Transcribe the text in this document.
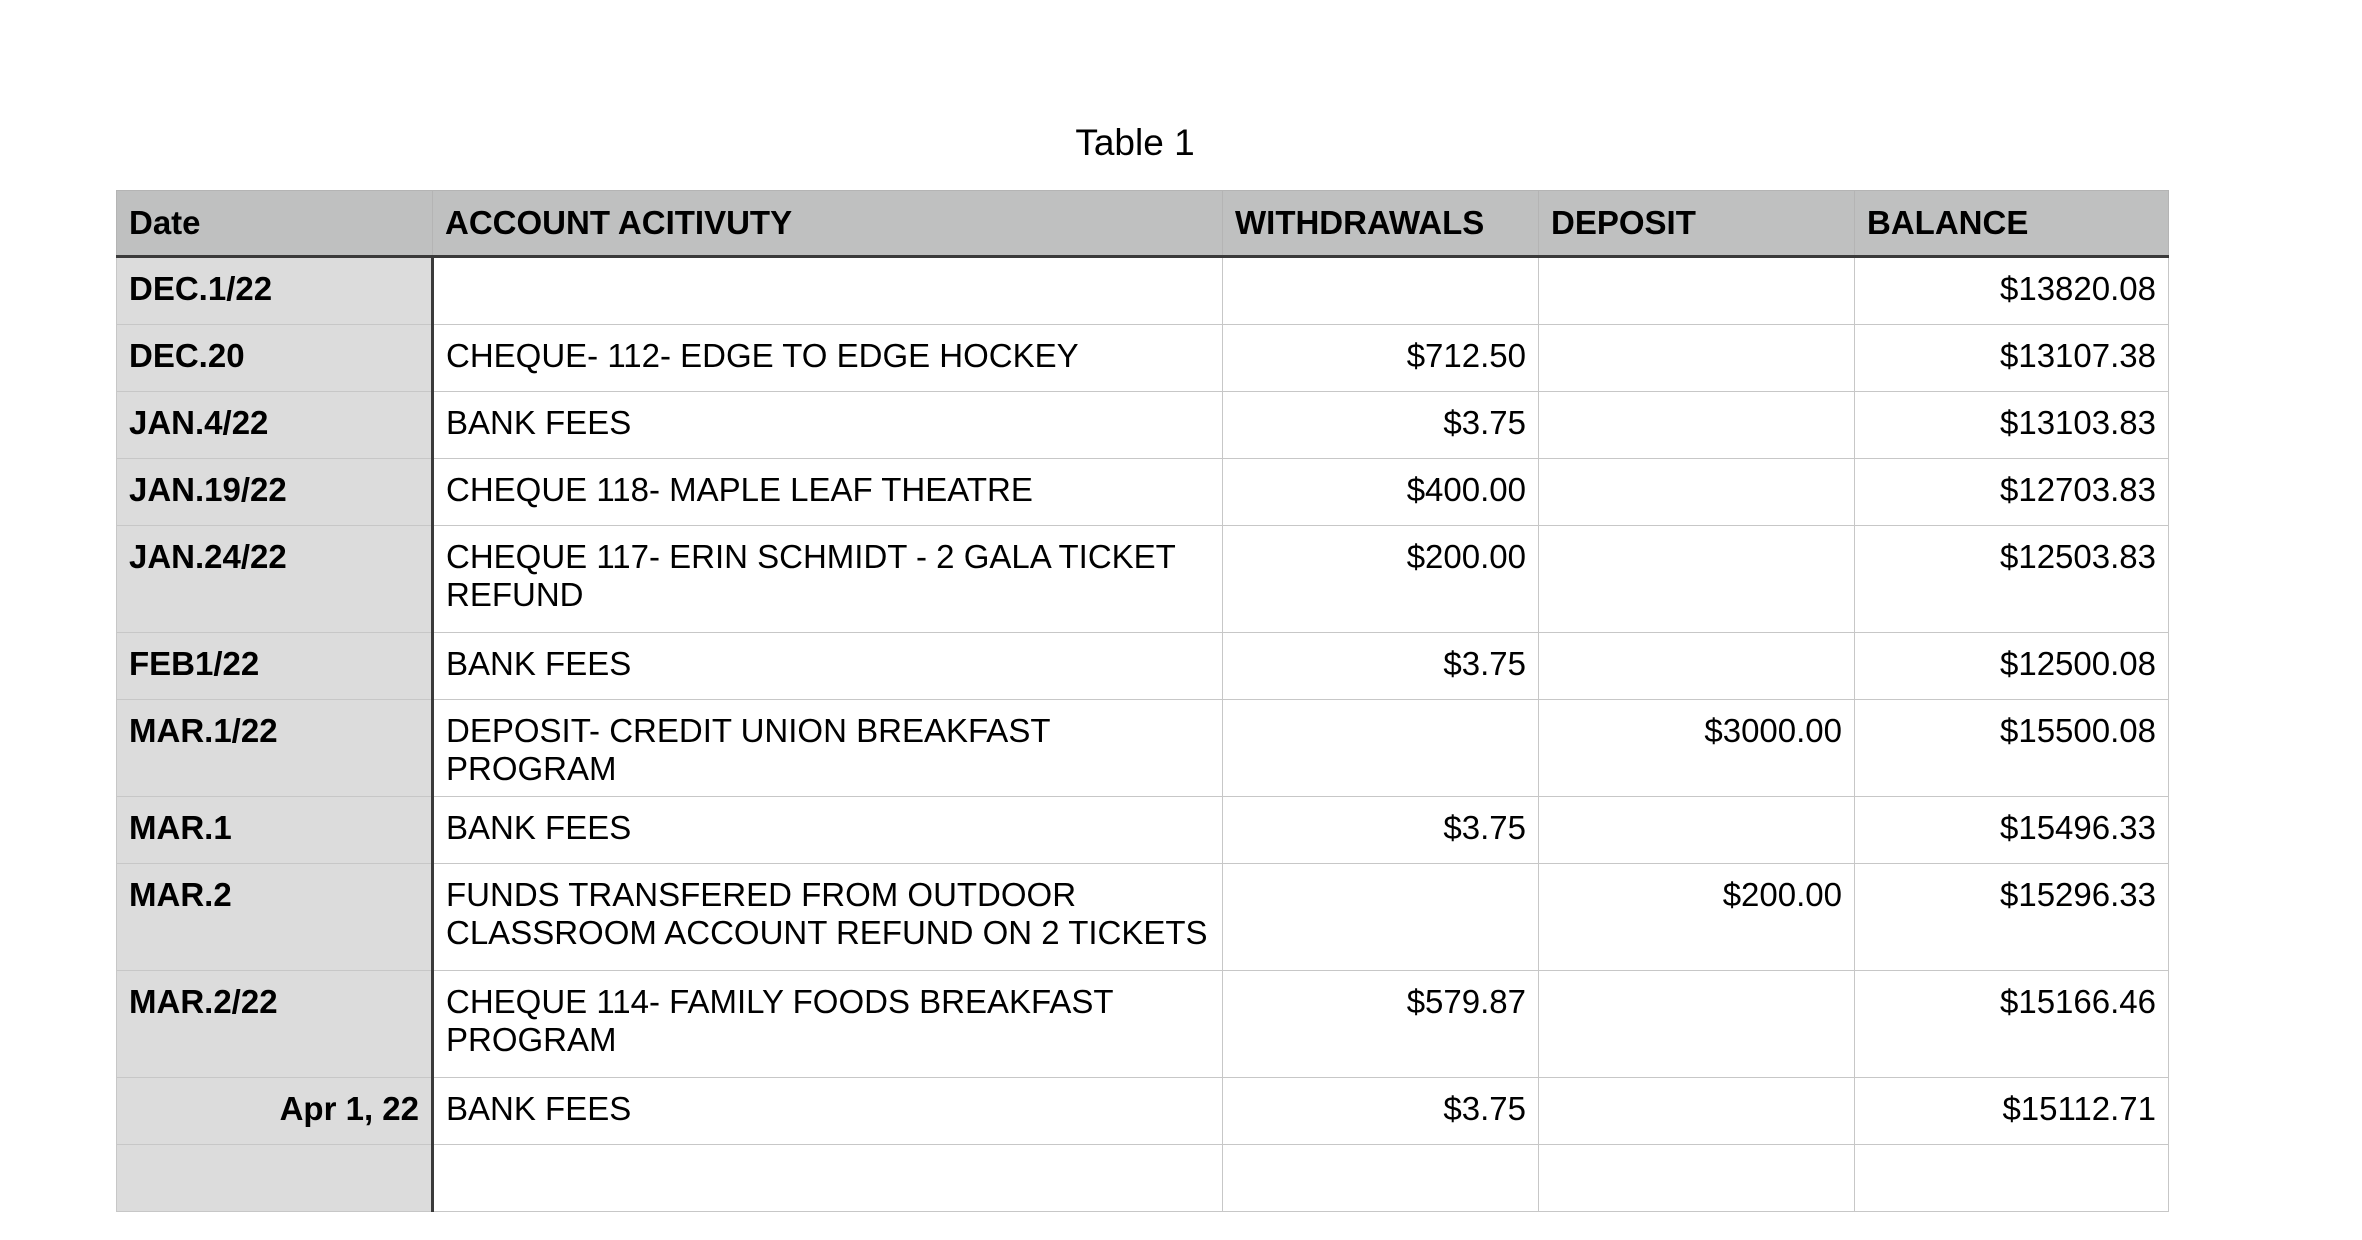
Table 1
Date	ACCOUNT ACITIVUTY	WITHDRAWALS	DEPOSIT	BALANCE
DEC.1/22				$13820.08
DEC.20	CHEQUE- 112- EDGE TO EDGE HOCKEY	$712.50		$13107.38
JAN.4/22	BANK FEES	$3.75		$13103.83
JAN.19/22	CHEQUE 118- MAPLE LEAF THEATRE	$400.00		$12703.83
JAN.24/22	CHEQUE 117- ERIN SCHMIDT - 2 GALA TICKET REFUND	$200.00		$12503.83
FEB1/22	BANK FEES	$3.75		$12500.08
MAR.1/22	DEPOSIT- CREDIT UNION BREAKFAST PROGRAM		$3000.00	$15500.08
MAR.1	BANK FEES	$3.75		$15496.33
MAR.2	FUNDS TRANSFERED FROM OUTDOOR CLASSROOM ACCOUNT REFUND ON 2 TICKETS		$200.00	$15296.33
MAR.2/22	CHEQUE 114- FAMILY FOODS BREAKFAST PROGRAM	$579.87		$15166.46
Apr 1, 22	BANK FEES	$3.75		$15112.71
